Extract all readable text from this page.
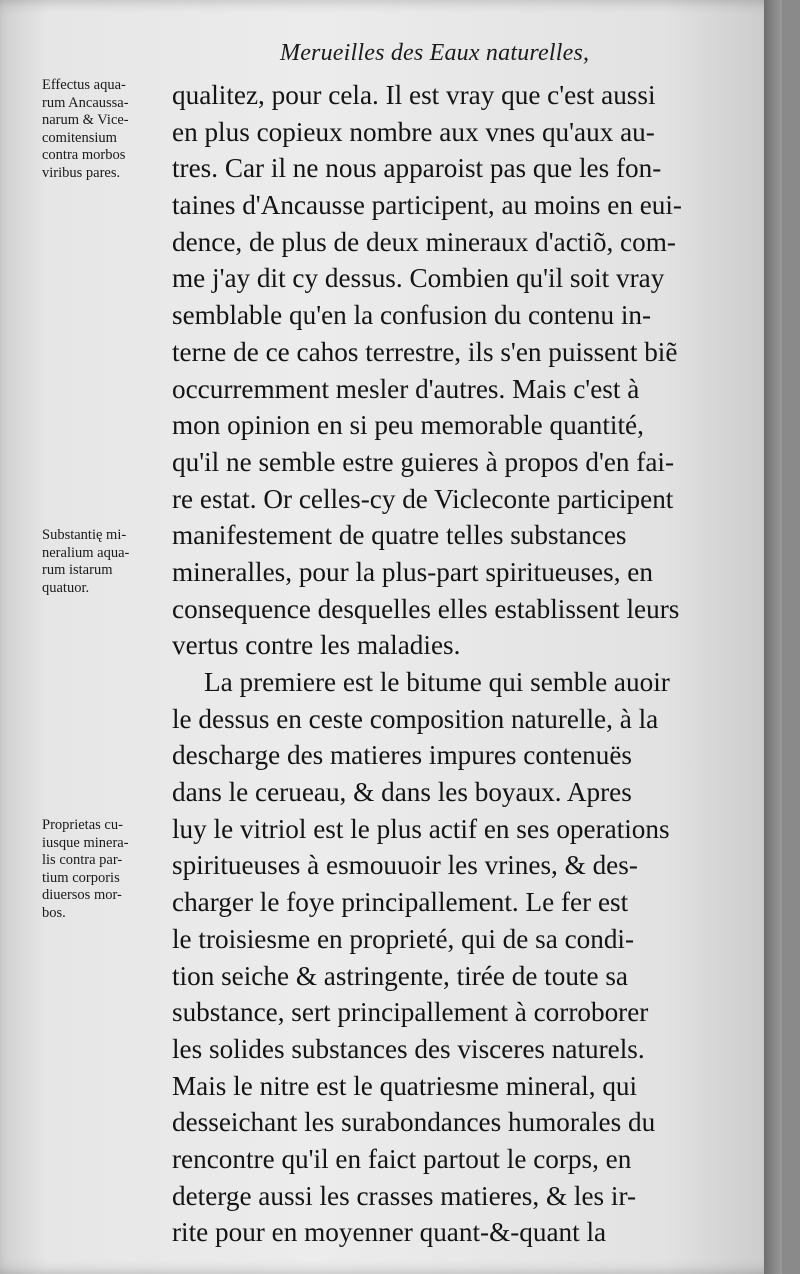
Merueilles des Eaux naturelles,
Effectus aqua-
rum Ancaussa-
narum & Vice-
comitensium
contra morbos
viribus pares.
Substantię mi-
neralium aqua-
rum istarum
quatuor.
Proprietas cu-
iusque minera-
lis contra par-
tium corporis
diuersos mor-
bos.
qualitez, pour cela. Il est vray que c'est aussi
en plus copieux nombre aux vnes qu'aux au-
tres. Car il ne nous apparoist pas que les fon-
taines d'Ancausse participent, au moins en eui-
dence, de plus de deux mineraux d'actiõ, com-
me j'ay dit cy dessus. Combien qu'il soit vray
semblable qu'en la confusion du contenu in-
terne de ce cahos terrestre, ils s'en puissent biẽ
occurremment mesler d'autres. Mais c'est à
mon opinion en si peu memorable quantité,
qu'il ne semble estre guieres à propos d'en fai-
re estat. Or celles-cy de Vicleconte participent
manifestement de quatre telles substances
mineralles, pour la plus-part spiritueuses, en
consequence desquelles elles establissent leurs
vertus contre les maladies.
La premiere est le bitume qui semble auoir
le dessus en ceste composition naturelle, à la
descharge des matieres impures contenuës
dans le cerueau, & dans les boyaux. Apres
luy le vitriol est le plus actif en ses operations
spiritueuses à esmouuoir les vrines, & des-
charger le foye principallement. Le fer est
le troisiesme en proprieté, qui de sa condi-
tion seiche & astringente, tirée de toute sa
substance, sert principallement à corroborer
les solides substances des visceres naturels.
Mais le nitre est le quatriesme mineral, qui
desseichant les surabondances humorales du
rencontre qu'il en faict partout le corps, en
deterge aussi les crasses matieres, & les ir-
rite pour en moyenner quant-&-quant la
